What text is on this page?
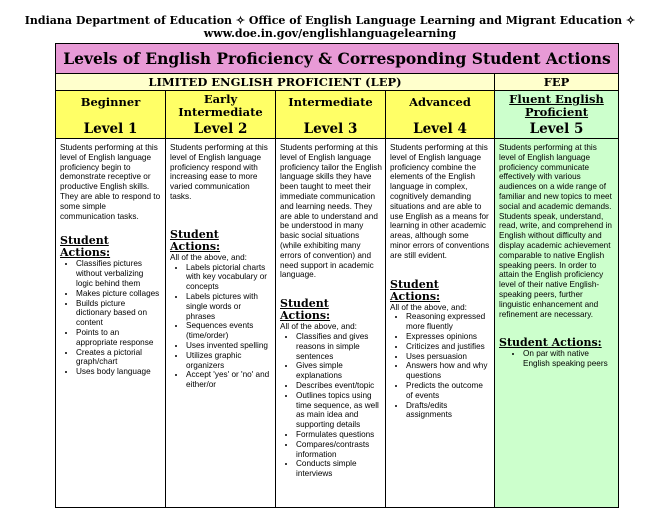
Indiana Department of Education ✧ Office of English Language Learning and Migrant Education ✧
www.doe.in.gov/englishlanguagelearning
Levels of English Proficiency & Corresponding Student Actions
LIMITED ENGLISH PROFICIENT (LEP)	FEP
Beginner
Level 1
Early Intermediate
Level 2
Intermediate
Level 3
Advanced
Level 4
Fluent English Proficient
Level 5

Students performing at this level of English language proficiency begin to demonstrate receptive or productive English skills. They are able to respond to some simple communication tasks.

Student Actions:
• Classifies pictures without verbalizing logic behind them
• Makes picture collages
• Builds picture dictionary based on content
• Points to an appropriate response
• Creates a pictorial graph/chart
• Uses body language

Students performing at this level of English language proficiency respond with increasing ease to more varied communication tasks.

Student Actions:

All of the above, and:

• Labels pictorial charts with key vocabulary or concepts
• Labels pictures with single words or phrases
• Sequences events (time/order)
• Uses invented spelling
• Utilizes graphic organizers
• Accept 'yes' or 'no' and either/or

Students performing at this level of English language proficiency tailor the English language skills they have been taught to meet their immediate communication and learning needs. They are able to understand and be understood in many basic social situations (while exhibiting many errors of convention) and need support in academic language.

Student Actions:

All of the above, and:

• Classifies and gives reasons in simple sentences
• Gives simple explanations
• Describes event/topic
• Outlines topics using time sequence, as well as main idea and supporting details
• Formulates questions
• Compares/contrasts information
• Conducts simple interviews

Students performing at this level of English language proficiency combine the elements of the English language in complex, cognitively demanding situations and are able to use English as a means for learning in other academic areas, although some minor errors of conventions are still evident.

Student Actions:

All of the above, and:

• Reasoning expressed more fluently
• Expresses opinions
• Criticizes and justifies
• Uses persuasion
• Answers how and why questions
• Predicts the outcome of events
• Drafts/edits assignments

Students performing at this level of English language proficiency communicate effectively with various audiences on a wide range of familiar and new topics to meet social and academic demands. Students speak, understand, read, write, and comprehend in English without difficulty and display academic achievement comparable to native English speaking peers. In order to attain the English proficiency level of their native English-speaking peers, further linguistic enhancement and refinement are necessary.

Student Actions:
• On par with native English speaking peers
